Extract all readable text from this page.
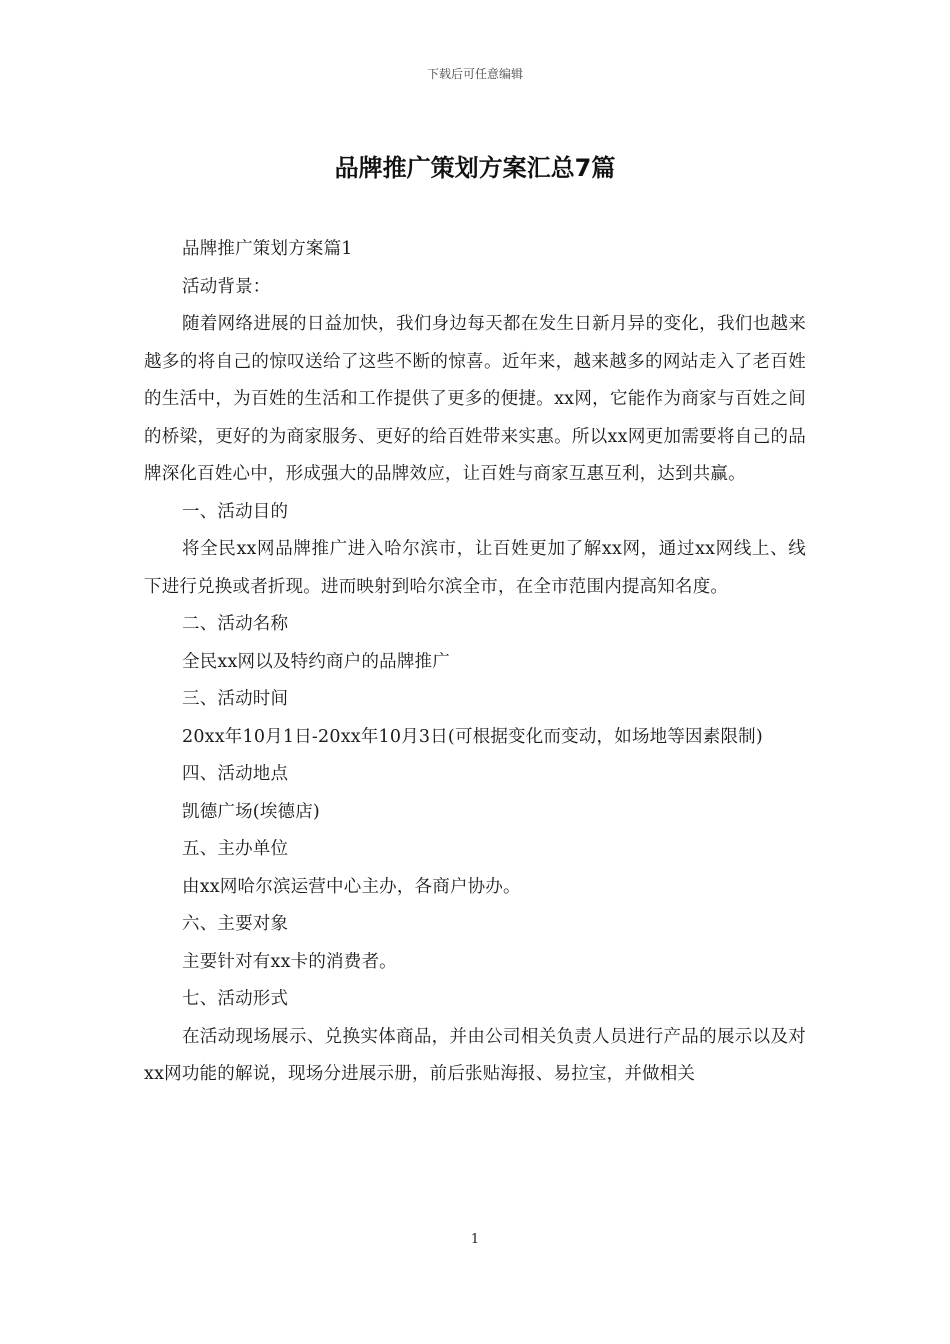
下载后可任意编辑
品牌推广策划方案汇总7篇

品牌推广策划方案篇1

活动背景：

随着网络进展的日益加快，我们身边每天都在发生日新月异的变化，我们也越来越多的将自己的惊叹送给了这些不断的惊喜。近年来，越来越多的网站走入了老百姓的生活中，为百姓的生活和工作提供了更多的便捷。xx网，它能作为商家与百姓之间的桥梁，更好的为商家服务、更好的给百姓带来实惠。所以xx网更加需要将自己的品牌深化百姓心中，形成强大的品牌效应，让百姓与商家互惠互利，达到共赢。

一、活动目的

将全民xx网品牌推广进入哈尔滨市，让百姓更加了解xx网，通过xx网线上、线下进行兑换或者折现。进而映射到哈尔滨全市，在全市范围内提高知名度。

二、活动名称

全民xx网以及特约商户的品牌推广

三、活动时间

20xx年10月1日-20xx年10月3日(可根据变化而变动，如场地等因素限制)

四、活动地点

凯德广场(埃德店)

五、主办单位

由xx网哈尔滨运营中心主办，各商户协办。

六、主要对象

主要针对有xx卡的消费者。

七、活动形式

在活动现场展示、兑换实体商品，并由公司相关负责人员进行产品的展示以及对xx网功能的解说，现场分进展示册，前后张贴海报、易拉宝，并做相关

1
